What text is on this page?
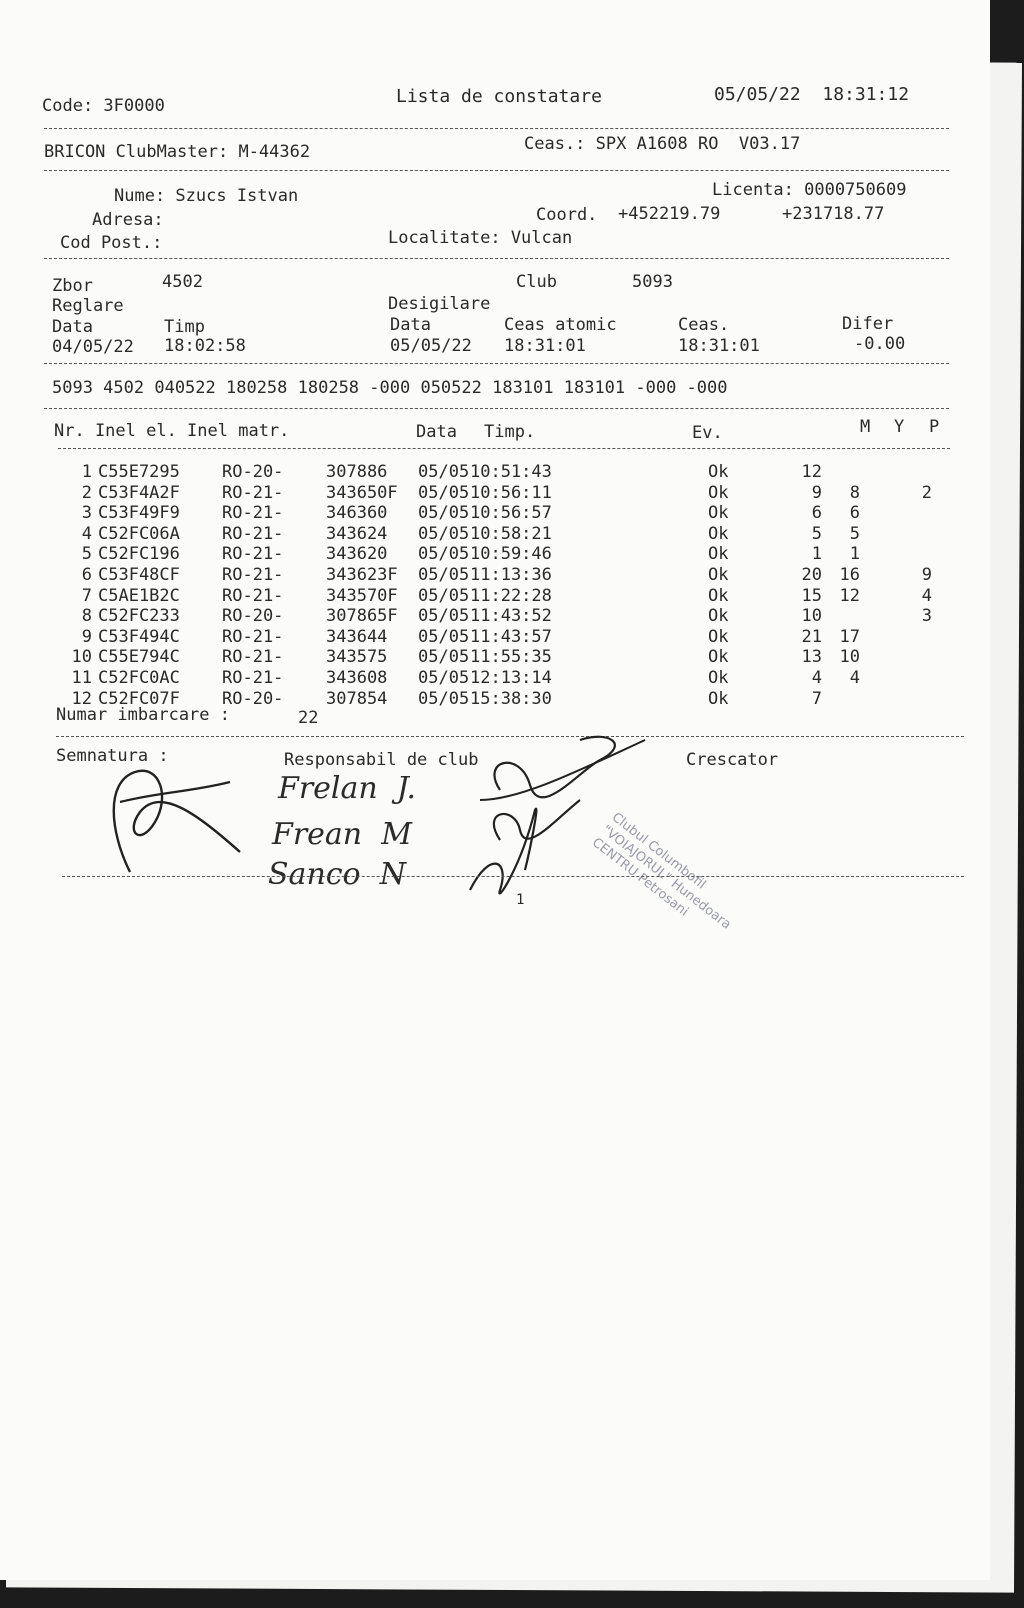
Code: 3F0000	Lista de constatare	05/05/22  18:31:12
BRICON ClubMaster: M-44362	Ceas.: SPX A1608 RO  V03.17
Nume: Szucs Istvan	Licenta: 0000750609
Adresa:	Coord. +452219.79	+231718.77
Cod Post.:	Localitate: Vulcan
Zbor	4502	Club	5093
Reglare	Desigilare
Data	Timp	Data	Ceas atomic	Ceas.	Difer
04/05/22 18:02:58	05/05/22 18:31:01	18:31:01	-0.00
5093 4502 040522 180258 180258 -000 050522 183101 183101 -000 -000
Nr. Inel el. Inel matr.	Data Timp.	Ev.	M Y P
1 C55E7295 RO-20-	307886 05/05 10:51:43	Ok	12
2 C53F4A2F RO-21-	343650F 05/05 10:56:11	Ok	9 8	2
3 C53F49F9 RO-21-	346360 05/05 10:56:57	Ok	6 6
4 C52FC06A RO-21-	343624 05/05 10:58:21	Ok	5 5
5 C52FC196 RO-21-	343620 05/05 10:59:46	Ok	1 1
6 C53F48CF RO-21-	343623F 05/05 11:13:36	Ok	20 16	9
7 C5AE1B2C RO-21-	343570F 05/05 11:22:28	Ok	15 12	4
8 C52FC233 RO-20-	307865F 05/05 11:43:52	Ok	10	3
9 C53F494C RO-21-	343644 05/05 11:43:57	Ok	21 17
10 C55E794C RO-21-	343575 05/05 11:55:35	Ok	13 10
11 C52FC0AC RO-21-	343608 05/05 12:13:14	Ok	4 4
12 C52FC07F RO-20-	307854 05/05 15:38:30	Ok	7
Numar imbarcare :	22
Semnatura :	Responsabil de club	Crescator
Frelan  J.
Frean  M
Sanco  N	Clubul Columbofil "VOIAJORUL" Hunedoara CENTRU Petrosani
1
